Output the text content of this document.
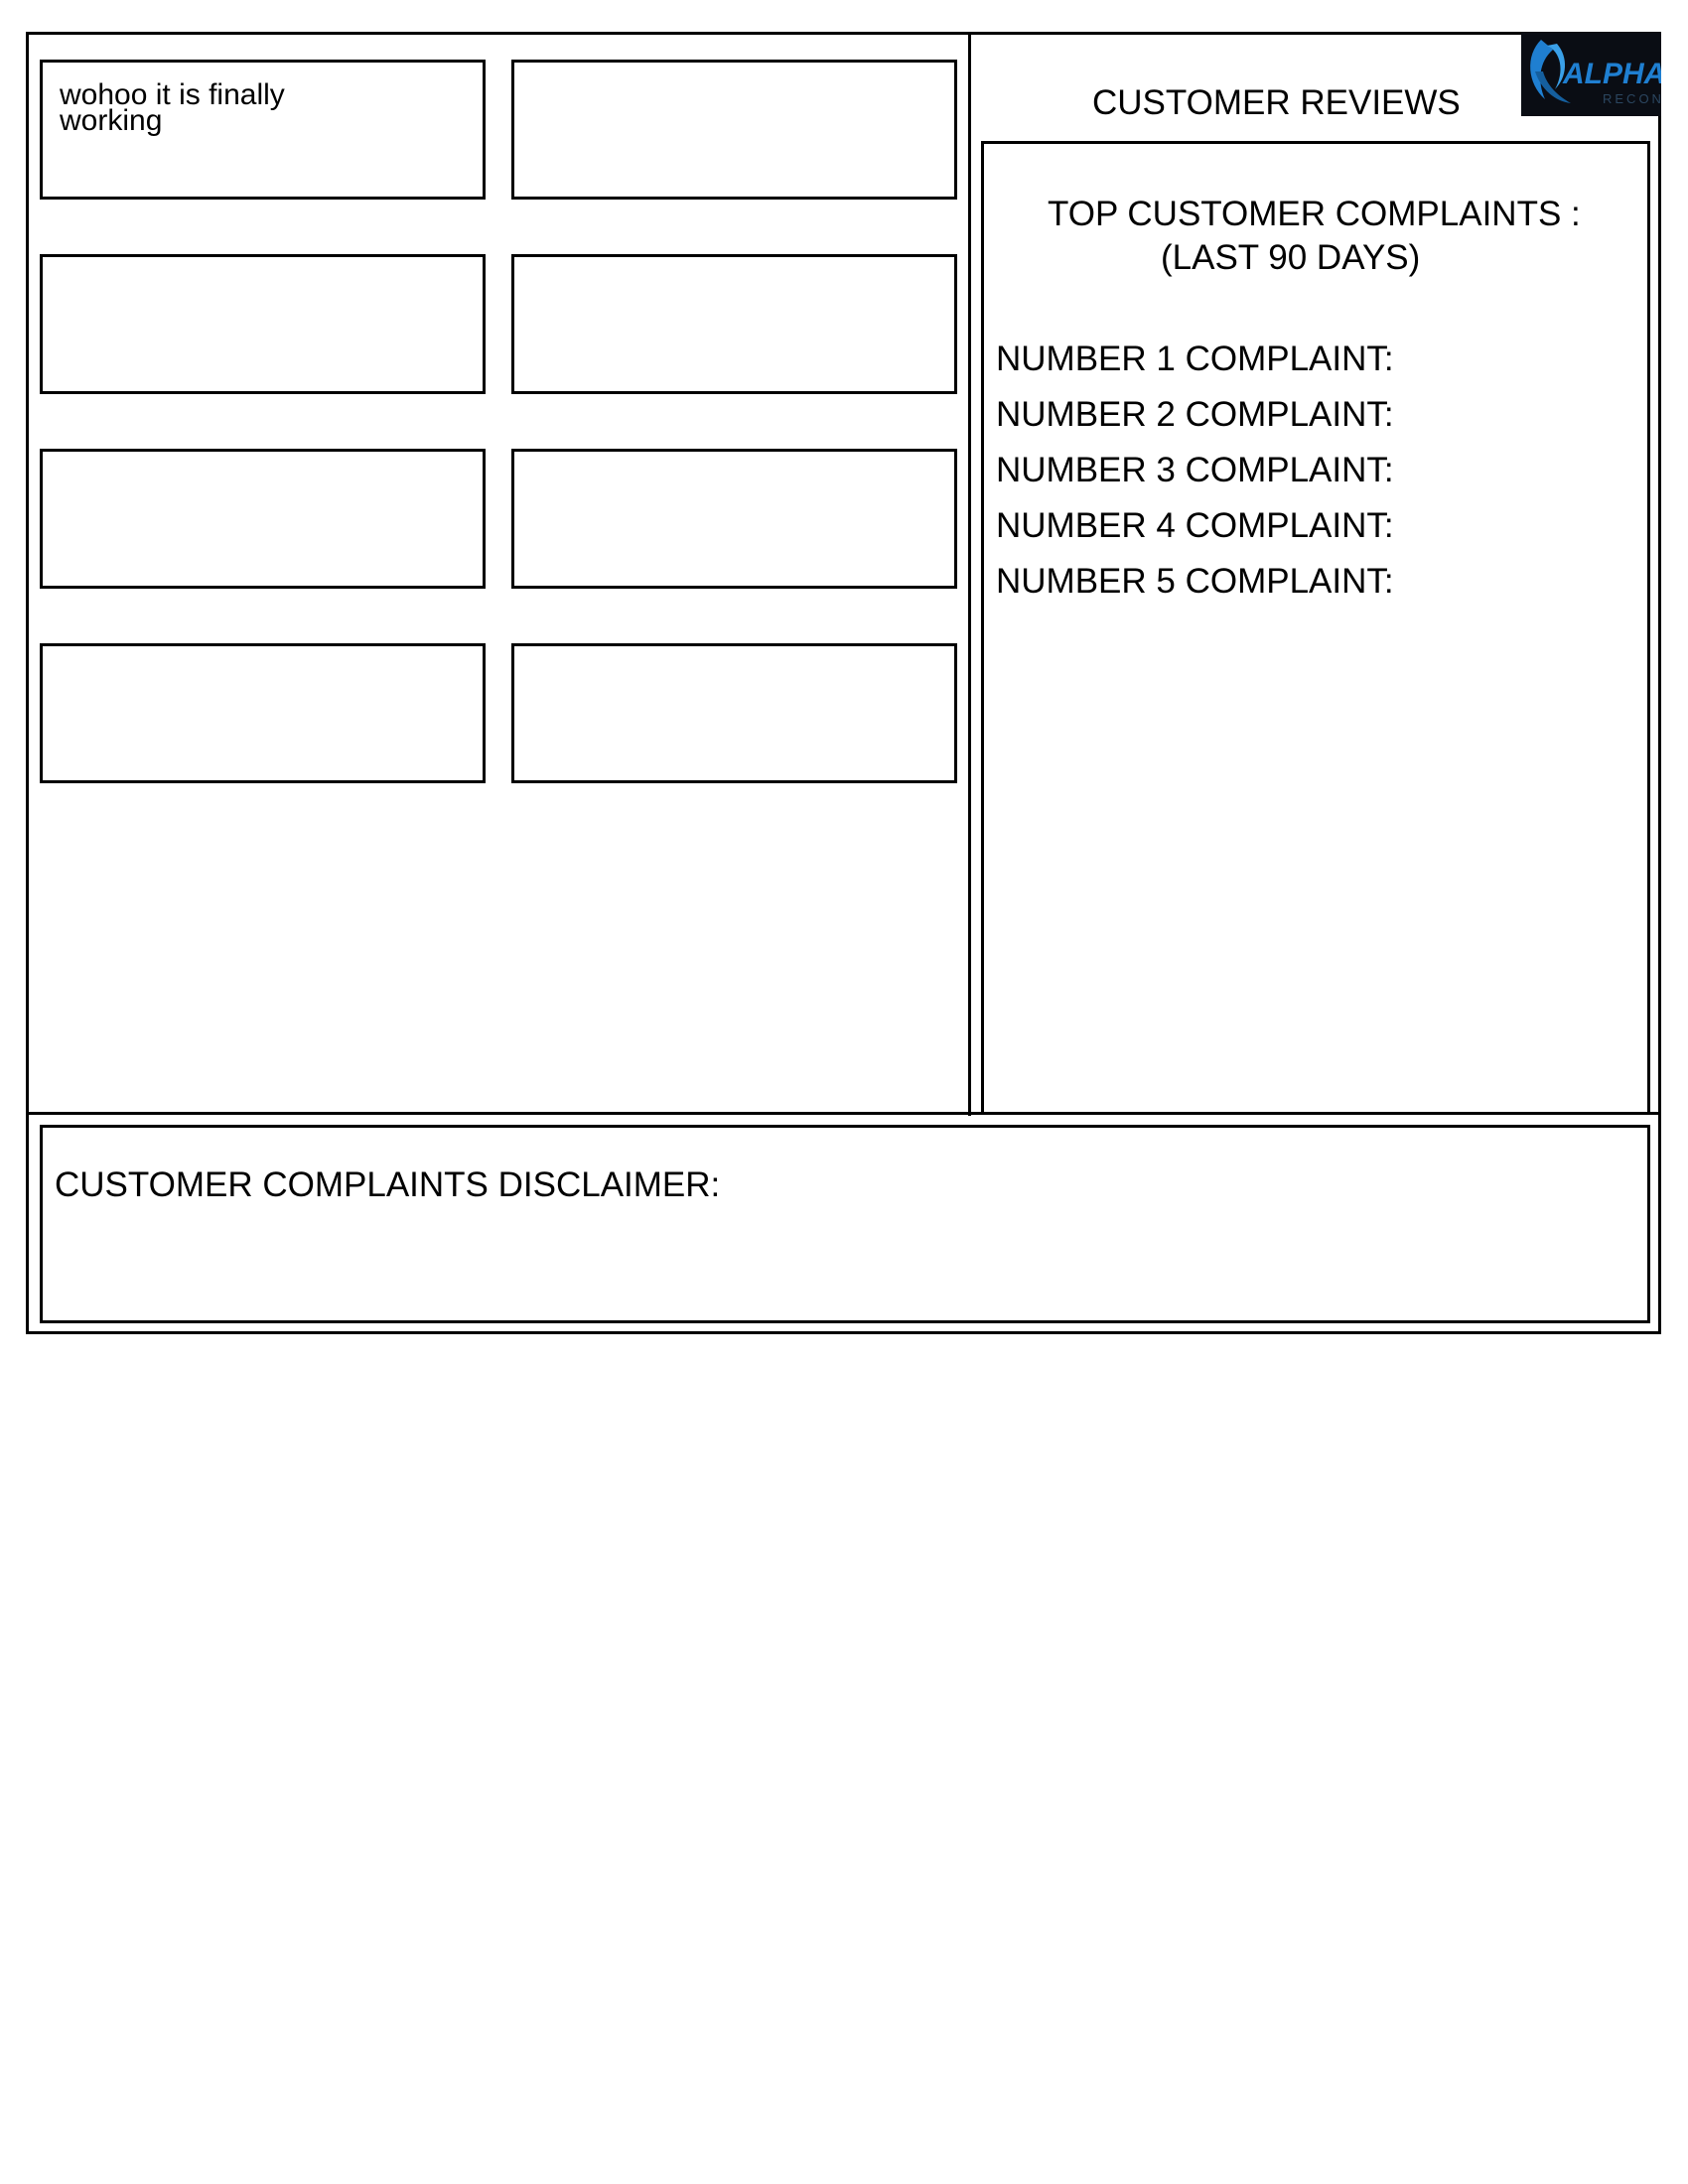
wohoo it is finally
working	CUSTOMER REVIEWS
ALPHA
RECON
TOP CUSTOMER COMPLAINTS :
(LAST 90 DAYS)
NUMBER 1 COMPLAINT:
NUMBER 2 COMPLAINT:
NUMBER 3 COMPLAINT:
NUMBER 4 COMPLAINT:
NUMBER 5 COMPLAINT:
CUSTOMER COMPLAINTS DISCLAIMER:
